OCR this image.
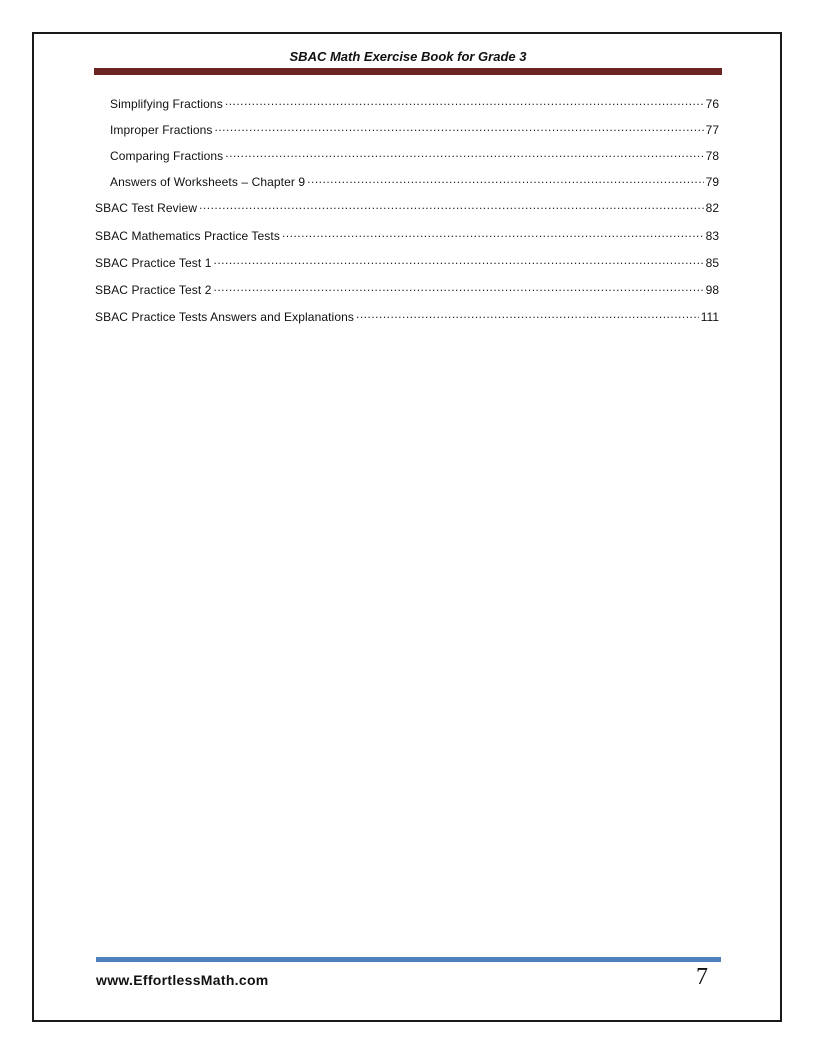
SBAC Math Exercise Book for Grade 3
Simplifying Fractions .....	76
Improper Fractions .....	77
Comparing Fractions .....	78
Answers of Worksheets – Chapter 9 .....	79
SBAC Test Review .....	82
SBAC Mathematics Practice Tests .....	83
SBAC Practice Test 1 .....	85
SBAC Practice Test 2 .....	98
SBAC Practice Tests Answers and Explanations .....	111
www.EffortlessMath.com	7
